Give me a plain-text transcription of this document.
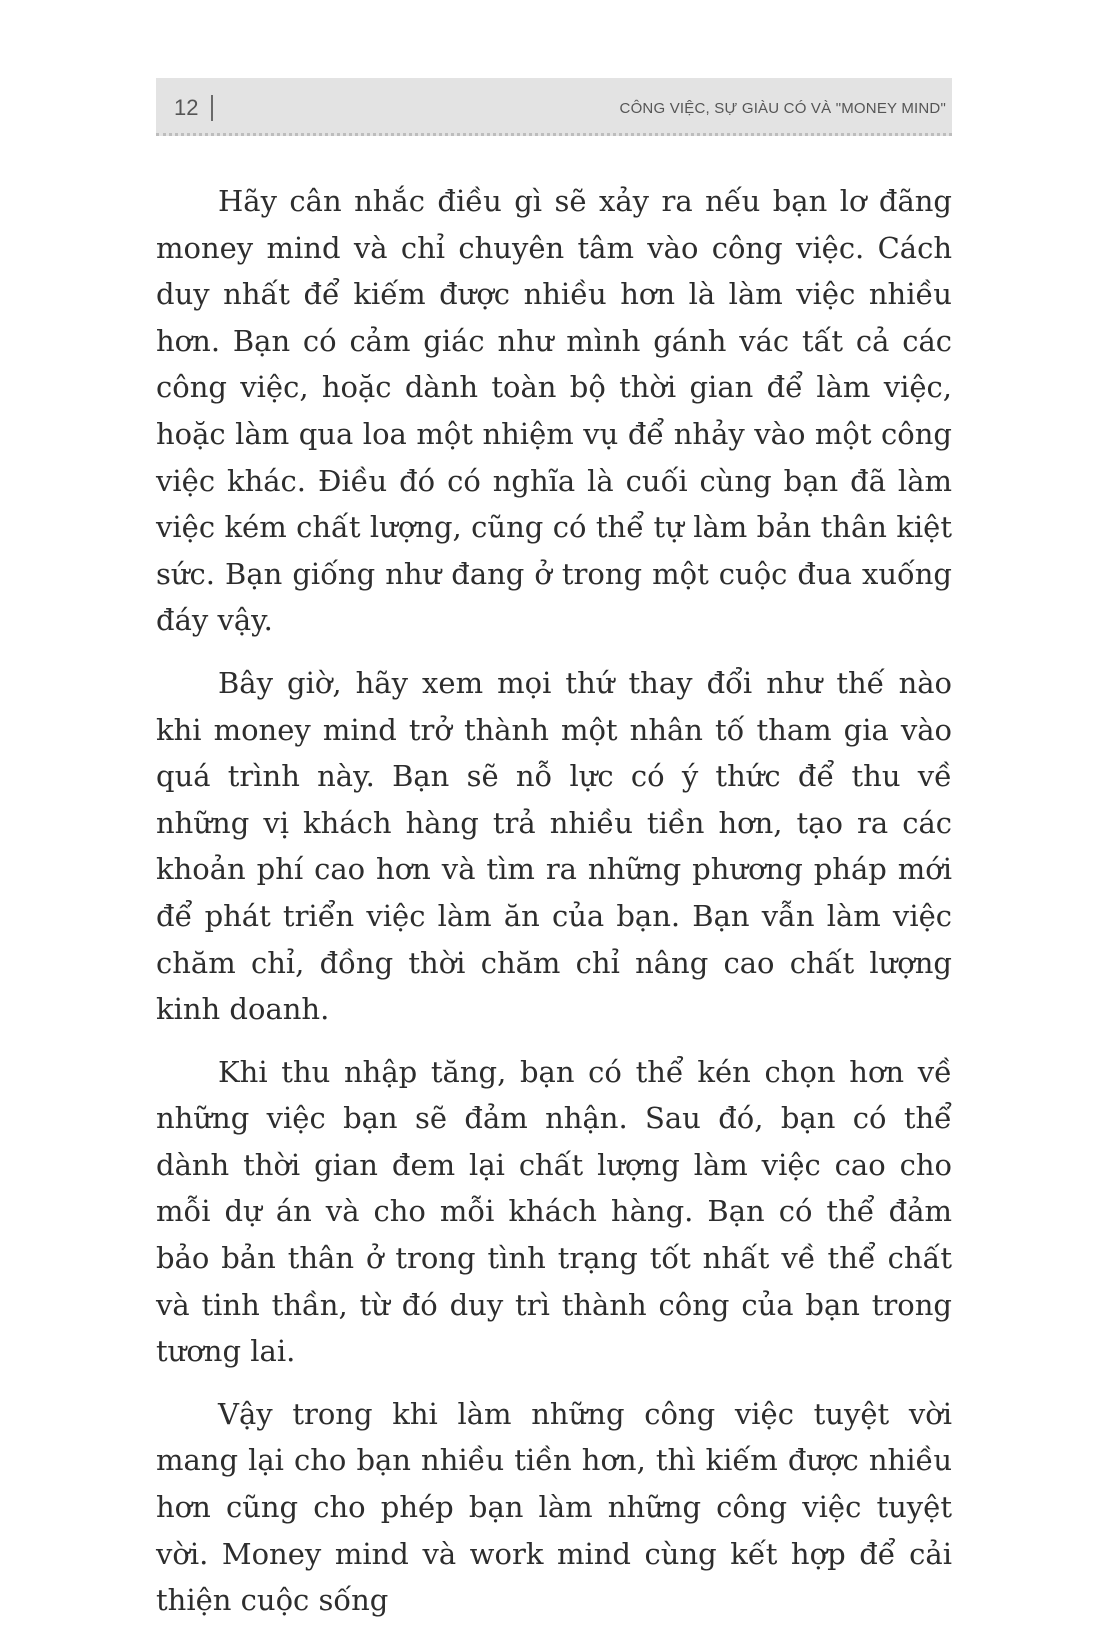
12	CÔNG VIỆC, SỰ GIÀU CÓ VÀ "MONEY MIND"

Hãy cân nhắc điều gì sẽ xảy ra nếu bạn lơ đãng money mind và chỉ chuyên tâm vào công việc. Cách duy nhất để kiếm được nhiều hơn là làm việc nhiều hơn. Bạn có cảm giác như mình gánh vác tất cả các công việc, hoặc dành toàn bộ thời gian để làm việc, hoặc làm qua loa một nhiệm vụ để nhảy vào một công việc khác. Điều đó có nghĩa là cuối cùng bạn đã làm việc kém chất lượng, cũng có thể tự làm bản thân kiệt sức. Bạn giống như đang ở trong một cuộc đua xuống đáy vậy.

Bây giờ, hãy xem mọi thứ thay đổi như thế nào khi money mind trở thành một nhân tố tham gia vào quá trình này. Bạn sẽ nỗ lực có ý thức để thu về những vị khách hàng trả nhiều tiền hơn, tạo ra các khoản phí cao hơn và tìm ra những phương pháp mới để phát triển việc làm ăn của bạn. Bạn vẫn làm việc chăm chỉ, đồng thời chăm chỉ nâng cao chất lượng kinh doanh.

Khi thu nhập tăng, bạn có thể kén chọn hơn về những việc bạn sẽ đảm nhận. Sau đó, bạn có thể dành thời gian đem lại chất lượng làm việc cao cho mỗi dự án và cho mỗi khách hàng. Bạn có thể đảm bảo bản thân ở trong tình trạng tốt nhất về thể chất và tinh thần, từ đó duy trì thành công của bạn trong tương lai.

Vậy trong khi làm những công việc tuyệt vời mang lại cho bạn nhiều tiền hơn, thì kiếm được nhiều hơn cũng cho phép bạn làm những công việc tuyệt vời. Money mind và work mind cùng kết hợp để cải thiện cuộc sống
